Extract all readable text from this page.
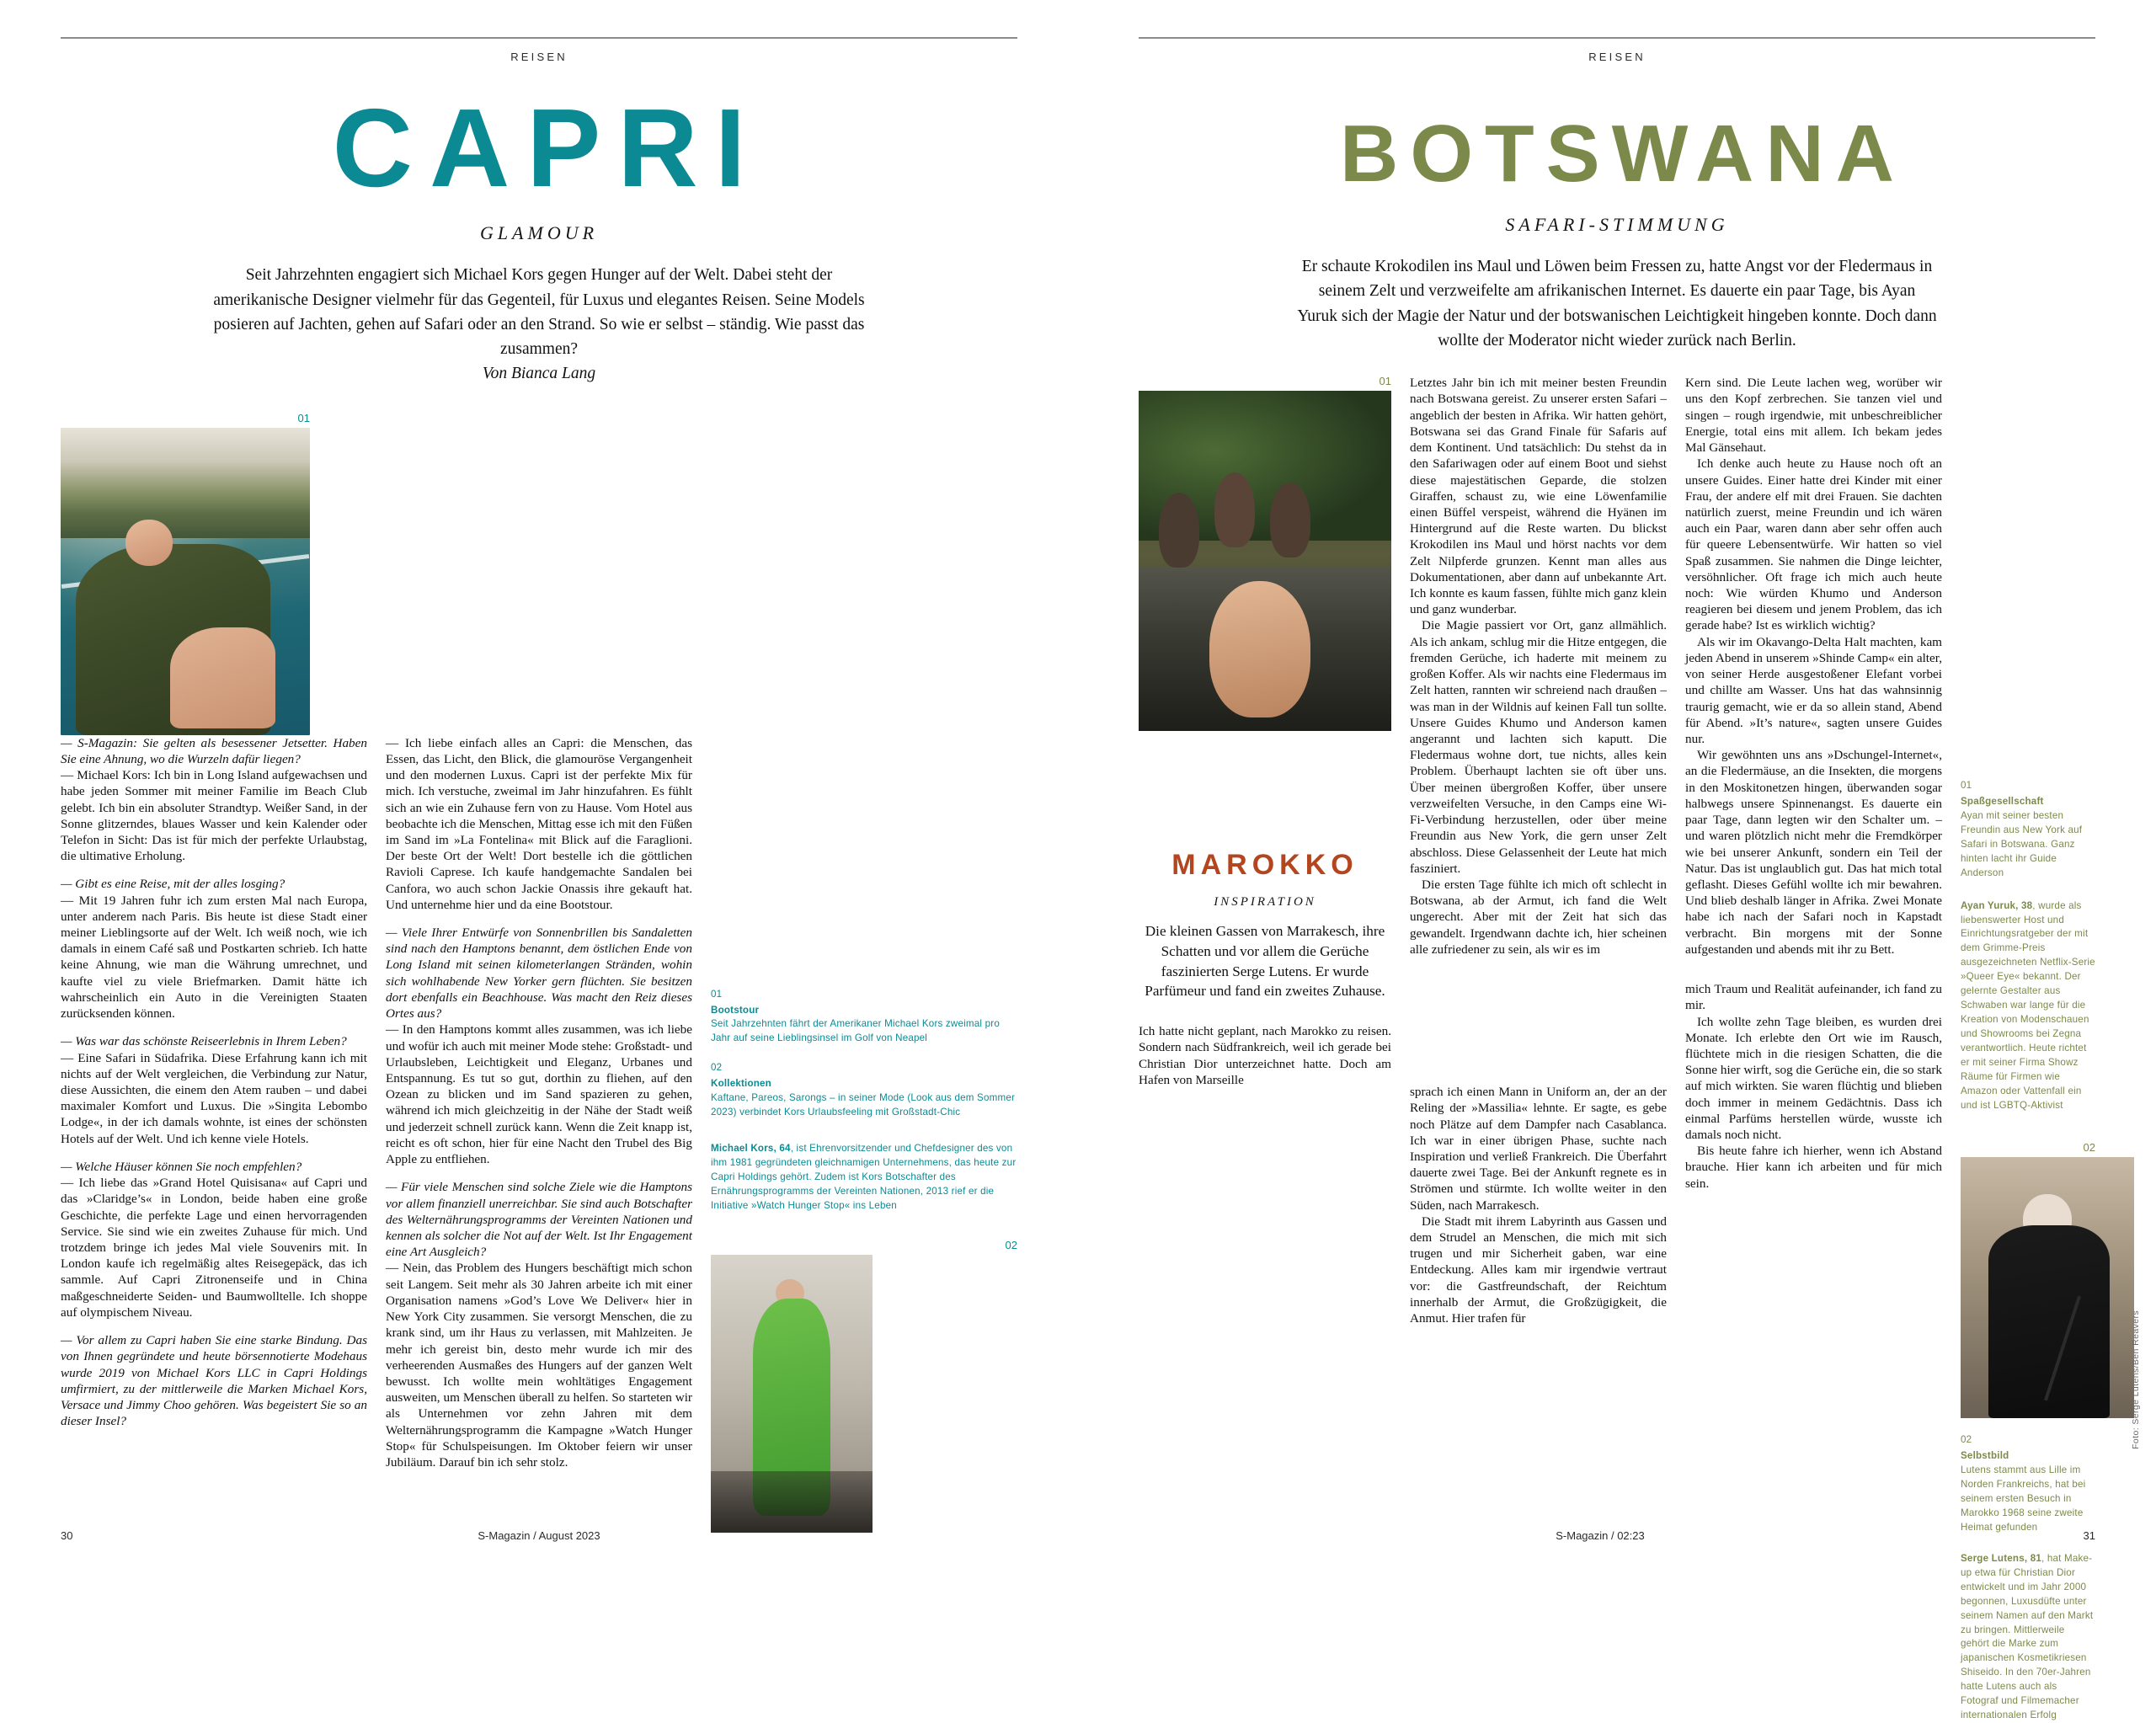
REISEN
CAPRI
GLAMOUR
Seit Jahrzehnten engagiert sich Michael Kors gegen Hunger auf der Welt. Dabei steht der amerikanische Designer vielmehr für das Gegenteil, für Luxus und elegantes Reisen. Seine Models posieren auf Jachten, gehen auf Safari oder an den Strand. So wie er selbst – ständig. Wie passt das zusammen?
Von Bianca Lang
01

— S-Magazin: Sie gelten als besessener Jetsetter. Haben Sie eine Ahnung, wo die Wurzeln dafür liegen?

— Michael Kors: Ich bin in Long Island aufgewachsen und habe jeden Sommer mit meiner Familie im Beach Club gelebt. Ich bin ein absoluter Strandtyp. Weißer Sand, in der Sonne glitzerndes, blaues Wasser und kein Kalender oder Telefon in Sicht: Das ist für mich der perfekte Urlaubstag, die ultimative Erholung.

— Gibt es eine Reise, mit der alles losging?

— Mit 19 Jahren fuhr ich zum ersten Mal nach Europa, unter anderem nach Paris. Bis heute ist diese Stadt einer meiner Lieblingsorte auf der Welt. Ich weiß noch, wie ich damals in einem Café saß und Postkarten schrieb. Ich hatte keine Ahnung, wie man die Währung umrechnet, und kaufte viel zu viele Briefmarken. Damit hätte ich wahrscheinlich ein Auto in die Vereinigten Staaten zurücksenden können.

— Was war das schönste Reiseerlebnis in Ihrem Leben?

— Eine Safari in Südafrika. Diese Erfahrung kann ich mit nichts auf der Welt vergleichen, die Verbindung zur Natur, diese Aussichten, die einem den Atem rauben – und dabei maximaler Komfort und Luxus. Die »Singita Lebombo Lodge«, in der ich damals wohnte, ist eines der schönsten Hotels auf der Welt. Und ich kenne viele Hotels.

— Welche Häuser können Sie noch empfehlen?

— Ich liebe das »Grand Hotel Quisisana« auf Capri und das »Claridge’s« in London, beide haben eine große Geschichte, die perfekte Lage und einen hervorragenden Service. Sie sind wie ein zweites Zuhause für mich. Und trotzdem bringe ich jedes Mal viele Souvenirs mit. In London kaufe ich regelmäßig altes Reisegepäck, das ich sammle. Auf Capri Zitronenseife und in China maßgeschneiderte Seiden- und Baumwolltelle. Ich shoppe auf olympischem Niveau.

— Vor allem zu Capri haben Sie eine starke Bindung. Das von Ihnen gegründete und heute börsennotierte Modehaus wurde 2019 von Michael Kors LLC in Capri Holdings umfirmiert, zu der mittlerweile die Marken Michael Kors, Versace und Jimmy Choo gehören. Was begeistert Sie so an dieser Insel?

— Ich liebe einfach alles an Capri: die Menschen, das Essen, das Licht, den Blick, die glamouröse Vergangenheit und den modernen Luxus. Capri ist der perfekte Mix für mich. Ich verstuche, zweimal im Jahr hinzufahren. Es fühlt sich an wie ein Zuhause fern von zu Hause. Vom Hotel aus beobachte ich die Menschen, Mittag esse ich mit den Füßen im Sand im »La Fontelina« mit Blick auf die Faraglioni. Der beste Ort der Welt! Dort bestelle ich die göttlichen Ravioli Caprese. Ich kaufe handgemachte Sandalen bei Canfora, wo auch schon Jackie Onassis ihre gekauft hat. Und unternehme hier und da eine Bootstour.

— Viele Ihrer Entwürfe von Sonnenbrillen bis Sandaletten sind nach den Hamptons benannt, dem östlichen Ende von Long Island mit seinen kilometerlangen Stränden, wohin sich wohlhabende New Yorker gern flüchten. Sie besitzen dort ebenfalls ein Beachhouse. Was macht den Reiz dieses Ortes aus?

— In den Hamptons kommt alles zusammen, was ich liebe und wofür ich auch mit meiner Mode stehe: Großstadt- und Urlaubsleben, Leichtigkeit und Eleganz, Urbanes und Entspannung. Es tut so gut, dorthin zu fliehen, auf den Ozean zu blicken und im Sand spazieren zu gehen, während ich mich gleichzeitig in der Nähe der Stadt weiß und jederzeit schnell zurück kann. Wenn die Zeit knapp ist, reicht es oft schon, hier für eine Nacht den Trubel des Big Apple zu entfliehen.

— Für viele Menschen sind solche Ziele wie die Hamptons vor allem finanziell unerreichbar. Sie sind auch Botschafter des Welternährungsprogramms der Vereinten Nationen und kennen als solcher die Not auf der Welt. Ist Ihr Engagement eine Art Ausgleich?

— Nein, das Problem des Hungers beschäftigt mich schon seit Langem. Seit mehr als 30 Jahren arbeite ich mit einer Organisation namens »God’s Love We Deliver« hier in New York City zusammen. Sie versorgt Menschen, die zu krank sind, um ihr Haus zu verlassen, mit Mahlzeiten. Je mehr ich gereist bin, desto mehr wurde ich mir des verheerenden Ausmaßes des Hungers auf der ganzen Welt bewusst. Ich wollte mein wohltätiges Engagement ausweiten, um Menschen überall zu helfen. So starteten wir als Unternehmen vor zehn Jahren mit dem Welternährungsprogramm die Kampagne »Watch Hunger Stop« für Schulspeisungen. Im Oktober feiern wir unser Jubiläum. Darauf bin ich sehr stolz.

01
Bootstour
Seit Jahrzehnten fährt der Amerikaner Michael Kors zweimal pro Jahr auf seine Lieblingsinsel im Golf von Neapel
02
Kollektionen
Kaftane, Pareos, Sarongs – in seiner Mode (Look aus dem Sommer 2023) verbindet Kors Urlaubsfeeling mit Großstadt-Chic
Michael Kors, 64, ist Ehrenvorsitzender und Chefdesigner des von ihm 1981 gegründeten gleichnamigen Unternehmens, das heute zur Capri Holdings gehört. Zudem ist Kors Botschafter des Ernährungsprogramms der Vereinten Nationen, 2013 rief er die Initiative »Watch Hunger Stop« ins Leben
02
30	S-Magazin / August 2023
REISEN
BOTSWANA
SAFARI-STIMMUNG
Er schaute Krokodilen ins Maul und Löwen beim Fressen zu, hatte Angst vor der Fledermaus in seinem Zelt und verzweifelte am afrikanischen Internet. Es dauerte ein paar Tage, bis Ayan Yuruk sich der Magie der Natur und der botswanischen Leichtigkeit hingeben konnte. Doch dann wollte der Moderator nicht wieder zurück nach Berlin.
01
MAROKKO
INSPIRATION
Die kleinen Gassen von Marrakesch, ihre Schatten und vor allem die Gerüche faszinierten Serge Lutens. Er wurde Parfümeur und fand ein zweites Zuhause.

Ich hatte nicht geplant, nach Marokko zu reisen. Sondern nach Südfrankreich, weil ich gerade bei Christian Dior unterzeichnet hatte. Doch am Hafen von Marseille

Letztes Jahr bin ich mit meiner besten Freundin nach Botswana gereist. Zu unserer ersten Safari – angeblich der besten in Afrika. Wir hatten gehört, Botswana sei das Grand Finale für Safaris auf dem Kontinent. Und tatsächlich: Du stehst da in den Safariwagen oder auf einem Boot und siehst diese majestätischen Geparde, die stolzen Giraffen, schaust zu, wie eine Löwenfamilie einen Büffel verspeist, während die Hyänen im Hintergrund auf die Reste warten. Du blickst Krokodilen ins Maul und hörst nachts vor dem Zelt Nilpferde grunzen. Kennt man alles aus Dokumentationen, aber dann auf unbekannte Art. Ich konnte es kaum fassen, fühlte mich ganz klein und ganz wunderbar.

Die Magie passiert vor Ort, ganz allmählich. Als ich ankam, schlug mir die Hitze entgegen, die fremden Gerüche, ich haderte mit meinem zu großen Koffer. Als wir nachts eine Fledermaus im Zelt hatten, rannten wir schreiend nach draußen – was man in der Wildnis auf keinen Fall tun sollte. Unsere Guides Khumo und Anderson kamen angerannt und lachten sich kaputt. Die Fledermaus wohne dort, tue nichts, alles kein Problem. Überhaupt lachten sie oft über uns. Über meinen übergroßen Koffer, über unsere verzweifelten Versuche, in den Camps eine Wi-Fi-Verbindung herzustellen, oder über meine Freundin aus New York, die gern unser Zelt abschloss. Diese Gelassenheit der Leute hat mich fasziniert.

Die ersten Tage fühlte ich mich oft schlecht in Botswana, ab der Armut, ich fand die Welt ungerecht. Aber mit der Zeit hat sich das gewandelt. Irgendwann dachte ich, hier scheinen alle zufriedener zu sein, als wir es im

sprach ich einen Mann in Uniform an, der an der Reling der »Massilia« lehnte. Er sagte, es gebe noch Plätze auf dem Dampfer nach Casablanca. Ich war in einer übrigen Phase, suchte nach Inspiration und verließ Frankreich. Die Überfahrt dauerte zwei Tage. Bei der Ankunft regnete es in Strömen und stürmte. Ich wollte weiter in den Süden, nach Marrakesch.

Die Stadt mit ihrem Labyrinth aus Gassen und dem Strudel an Menschen, die mich mit sich trugen und mir Sicherheit gaben, war eine Entdeckung. Alles kam mir irgendwie vertraut vor: die Gastfreundschaft, der Reichtum innerhalb der Armut, die Großzügigkeit, die Anmut. Hier trafen für

Kern sind. Die Leute lachen weg, worüber wir uns den Kopf zerbrechen. Sie tanzen viel und singen – rough irgendwie, mit unbeschreiblicher Energie, total eins mit allem. Ich bekam jedes Mal Gänsehaut.

Ich denke auch heute zu Hause noch oft an unsere Guides. Einer hatte drei Kinder mit einer Frau, der andere elf mit drei Frauen. Sie dachten natürlich zuerst, meine Freundin und ich wären auch ein Paar, waren dann aber sehr offen auch für queere Lebensentwürfe. Wir hatten so viel Spaß zusammen. Sie nahmen die Dinge leichter, versöhnlicher. Oft frage ich mich auch heute noch: Wie würden Khumo und Anderson reagieren bei diesem und jenem Problem, das ich gerade habe? Ist es wirklich wichtig?

Als wir im Okavango-Delta Halt machten, kam jeden Abend in unserem »Shinde Camp« ein alter, von seiner Herde ausgestoßener Elefant vorbei und chillte am Wasser. Uns hat das wahnsinnig traurig gemacht, wie er da so allein stand, Abend für Abend. »It’s nature«, sagten unsere Guides nur.

Wir gewöhnten uns ans »Dschungel-Internet«, an die Fledermäuse, an die Insekten, die morgens in den Moskitonetzen hingen, überwanden sogar halbwegs unsere Spinnenangst. Es dauerte ein paar Tage, dann legten wir den Schalter um. – und waren plötzlich nicht mehr die Fremdkörper wie bei unserer Ankunft, sondern ein Teil der Natur. Das ist unglaublich gut. Das hat mich total geflasht. Dieses Gefühl wollte ich mir bewahren. Und blieb deshalb länger in Afrika. Zwei Monate habe ich nach der Safari noch in Kapstadt verbracht. Bin morgens mit der Sonne aufgestanden und abends mit ihr zu Bett.

mich Traum und Realität aufeinander, ich fand zu mir.

Ich wollte zehn Tage bleiben, es wurden drei Monate. Ich erlebte den Ort wie im Rausch, flüchtete mich in die riesigen Schatten, die die Sonne hier wirft, sog die Gerüche ein, die so stark auf mich wirkten. Sie waren flüchtig und blieben doch immer in meinem Gedächtnis. Dass ich einmal Parfüms herstellen würde, wusste ich damals noch nicht.

Bis heute fahre ich hierher, wenn ich Abstand brauche. Hier kann ich arbeiten und für mich sein.

01
Spaßgesellschaft
Ayan mit seiner besten Freundin aus New York auf Safari in Botswana. Ganz hinten lacht ihr Guide Anderson
Ayan Yuruk, 38, wurde als liebenswerter Host und Einrichtungsratgeber der mit dem Grimme-Preis ausgezeichneten Netflix-Serie »Queer Eye« bekannt. Der gelernte Gestalter aus Schwaben war lange für die Kreation von Modenschauen und Showrooms bei Zegna verantwortlich. Heute richtet er mit seiner Firma Showz Räume für Firmen wie Amazon oder Vattenfall ein und ist LGBTQ-Aktivist
02
02
Selbstbild
Lutens stammt aus Lille im Norden Frankreichs, hat bei seinem ersten Besuch in Marokko 1968 seine zweite Heimat gefunden
Serge Lutens, 81, hat Make-up etwa für Christian Dior entwickelt und im Jahr 2000 begonnen, Luxusdüfte unter seinem Namen auf den Markt zu bringen. Mittlerweile gehört die Marke zum japanischen Kosmetikriesen Shiseido. In den 70er-Jahren hatte Lutens auch als Fotograf und Filmemacher internationalen Erfolg
Foto: Serge Lutens/Ben Reavers
31
S-Magazin / 02:23
